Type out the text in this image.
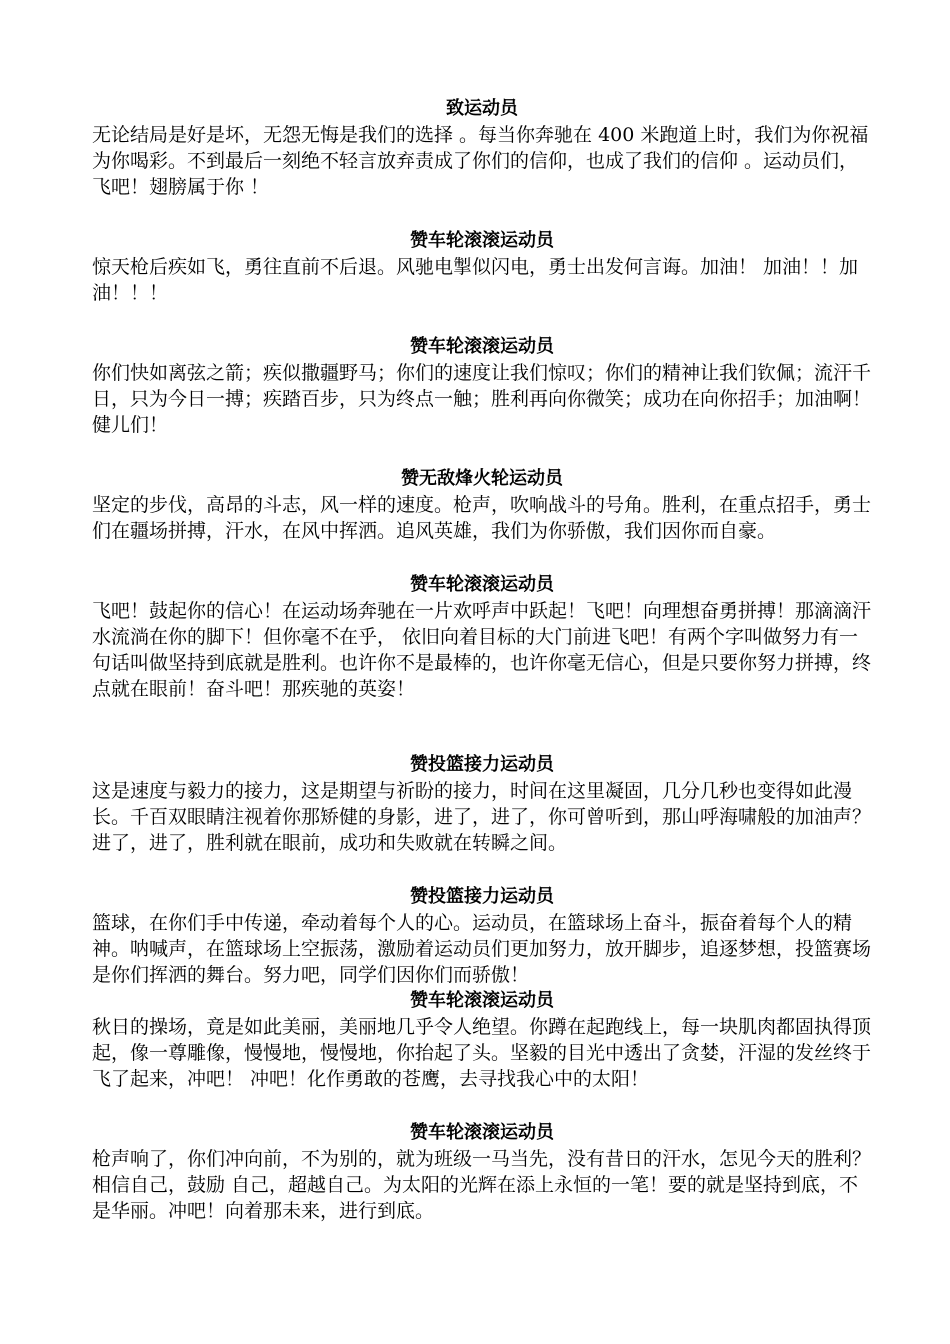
致运动员

无论结局是好是坏，无怨无悔是我们的选择 。每当你奔驰在 400 米跑道上时，我们为你祝福为你喝彩。不到最后一刻绝不轻言放弃责成了你们的信仰，也成了我们的信仰 。运动员们， 飞吧！翅膀属于你 ！

赞车轮滚滚运动员

惊天枪后疾如飞，勇往直前不后退。风驰电掣似闪电，勇士出发何言诲。加油！ 加油！！加油！！！

赞车轮滚滚运动员

你们快如离弦之箭；疾似撒疆野马；你们的速度让我们惊叹；你们的精神让我们钦佩；流汗千日，只为今日一搏；疾踏百步，只为终点一触；胜利再向你微笑；成功在向你招手；加油啊！健儿们！

赞无敌烽火轮运动员

坚定的步伐，高昂的斗志，风一样的速度。枪声，吹响战斗的号角。胜利，在重点招手，勇士们在疆场拼搏，汗水，在风中挥洒。追风英雄，我们为你骄傲，我们因你而自豪。

赞车轮滚滚运动员

飞吧！鼓起你的信心！在运动场奔驰在一片欢呼声中跃起！飞吧！向理想奋勇拼搏！那滴滴汗水流淌在你的脚下！但你毫不在乎， 依旧向着目标的大门前进飞吧！有两个字叫做努力有一句话叫做坚持到底就是胜利。也许你不是最棒的，也许你毫无信心，但是只要你努力拼搏，终点就在眼前！奋斗吧！那疾驰的英姿！

赞投篮接力运动员

这是速度与毅力的接力，这是期望与祈盼的接力，时间在这里凝固，几分几秒也变得如此漫长。千百双眼睛注视着你那矫健的身影，进了，进了，你可曾听到，那山呼海啸般的加油声？进了，进了，胜利就在眼前，成功和失败就在转瞬之间。

赞投篮接力运动员

篮球，在你们手中传递，牵动着每个人的心。运动员，在篮球场上奋斗，振奋着每个人的精神。呐喊声，在篮球场上空振荡，激励着运动员们更加努力，放开脚步，追逐梦想，投篮赛场是你们挥洒的舞台。努力吧，同学们因你们而骄傲！

赞车轮滚滚运动员

秋日的操场，竟是如此美丽，美丽地几乎令人绝望。你蹲在起跑线上，每一块肌肉都固执得顶起，像一尊雕像，慢慢地，慢慢地，你抬起了头。坚毅的目光中透出了贪婪，汗湿的发丝终于飞了起来，冲吧！ 冲吧！化作勇敢的苍鹰，去寻找我心中的太阳！

赞车轮滚滚运动员

枪声响了，你们冲向前，不为别的，就为班级一马当先，没有昔日的汗水，怎见今天的胜利？相信自己，鼓励 自己，超越自己。为太阳的光辉在添上永恒的一笔！要的就是坚持到底，不是华丽。冲吧！向着那未来，进行到底。
